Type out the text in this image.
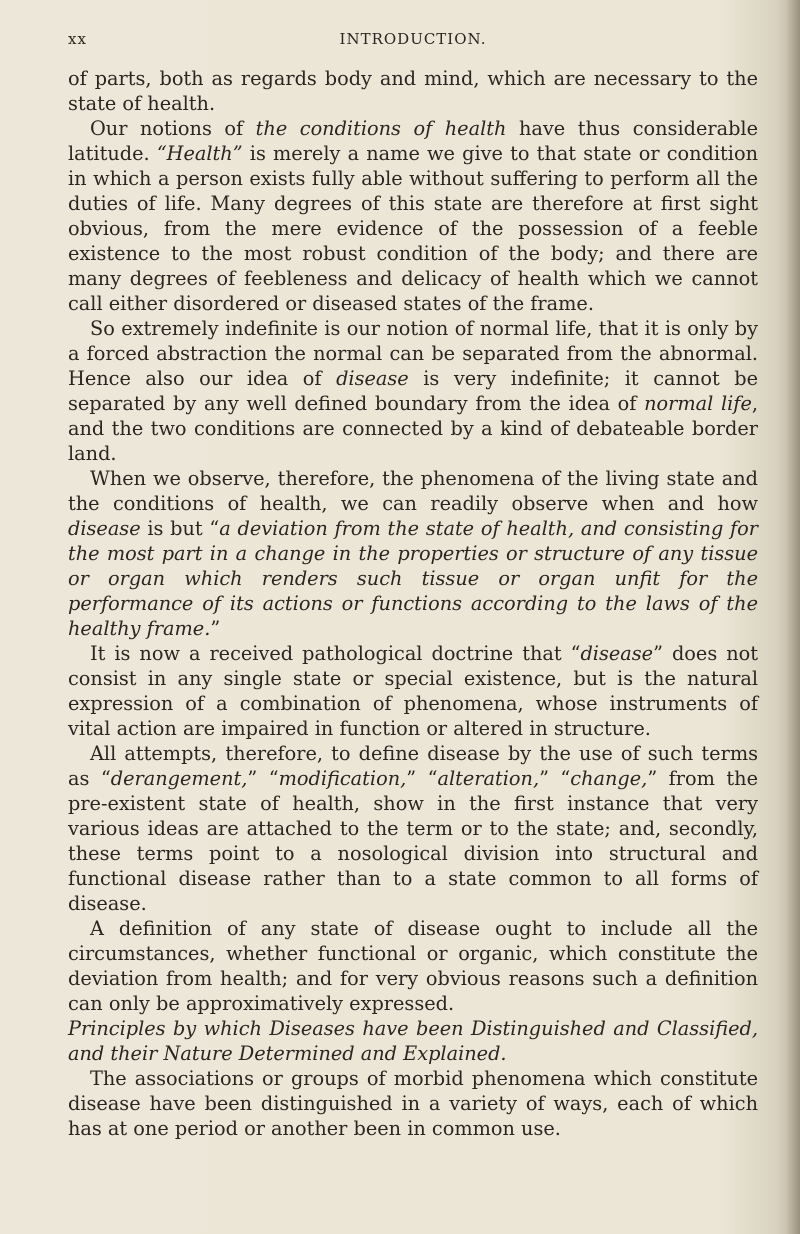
xx	INTRODUCTION.

of parts, both as regards body and mind, which are necessary to the state of health.

Our notions of the conditions of health have thus considerable latitude. “Health” is merely a name we give to that state or condition in which a person exists fully able without suffering to perform all the duties of life. Many degrees of this state are therefore at first sight obvious, from the mere evidence of the possession of a feeble existence to the most robust condition of the body; and there are many degrees of feebleness and delicacy of health which we cannot call either disordered or diseased states of the frame.

So extremely indefinite is our notion of normal life, that it is only by a forced abstraction the normal can be separated from the abnormal. Hence also our idea of disease is very indefinite; it cannot be separated by any well defined boundary from the idea of normal life, and the two conditions are connected by a kind of debateable border land.

When we observe, therefore, the phenomena of the living state and the conditions of health, we can readily observe when and how disease is but “a deviation from the state of health, and consisting for the most part in a change in the properties or structure of any tissue or organ which renders such tissue or organ unfit for the performance of its actions or functions according to the laws of the healthy frame.”

It is now a received pathological doctrine that “disease” does not consist in any single state or special existence, but is the natural expression of a combination of phenomena, whose instruments of vital action are impaired in function or altered in structure.

All attempts, therefore, to define disease by the use of such terms as “derangement,” “modification,” “alteration,” “change,” from the pre-existent state of health, show in the first instance that very various ideas are attached to the term or to the state; and, secondly, these terms point to a nosological division into structural and functional disease rather than to a state common to all forms of disease.

A definition of any state of disease ought to include all the circumstances, whether functional or organic, which constitute the deviation from health; and for very obvious reasons such a definition can only be approximatively expressed.

Principles by which Diseases have been Distinguished and Classified, and their Nature Determined and Explained.

The associations or groups of morbid phenomena which constitute disease have been distinguished in a variety of ways, each of which has at one period or another been in common use.
